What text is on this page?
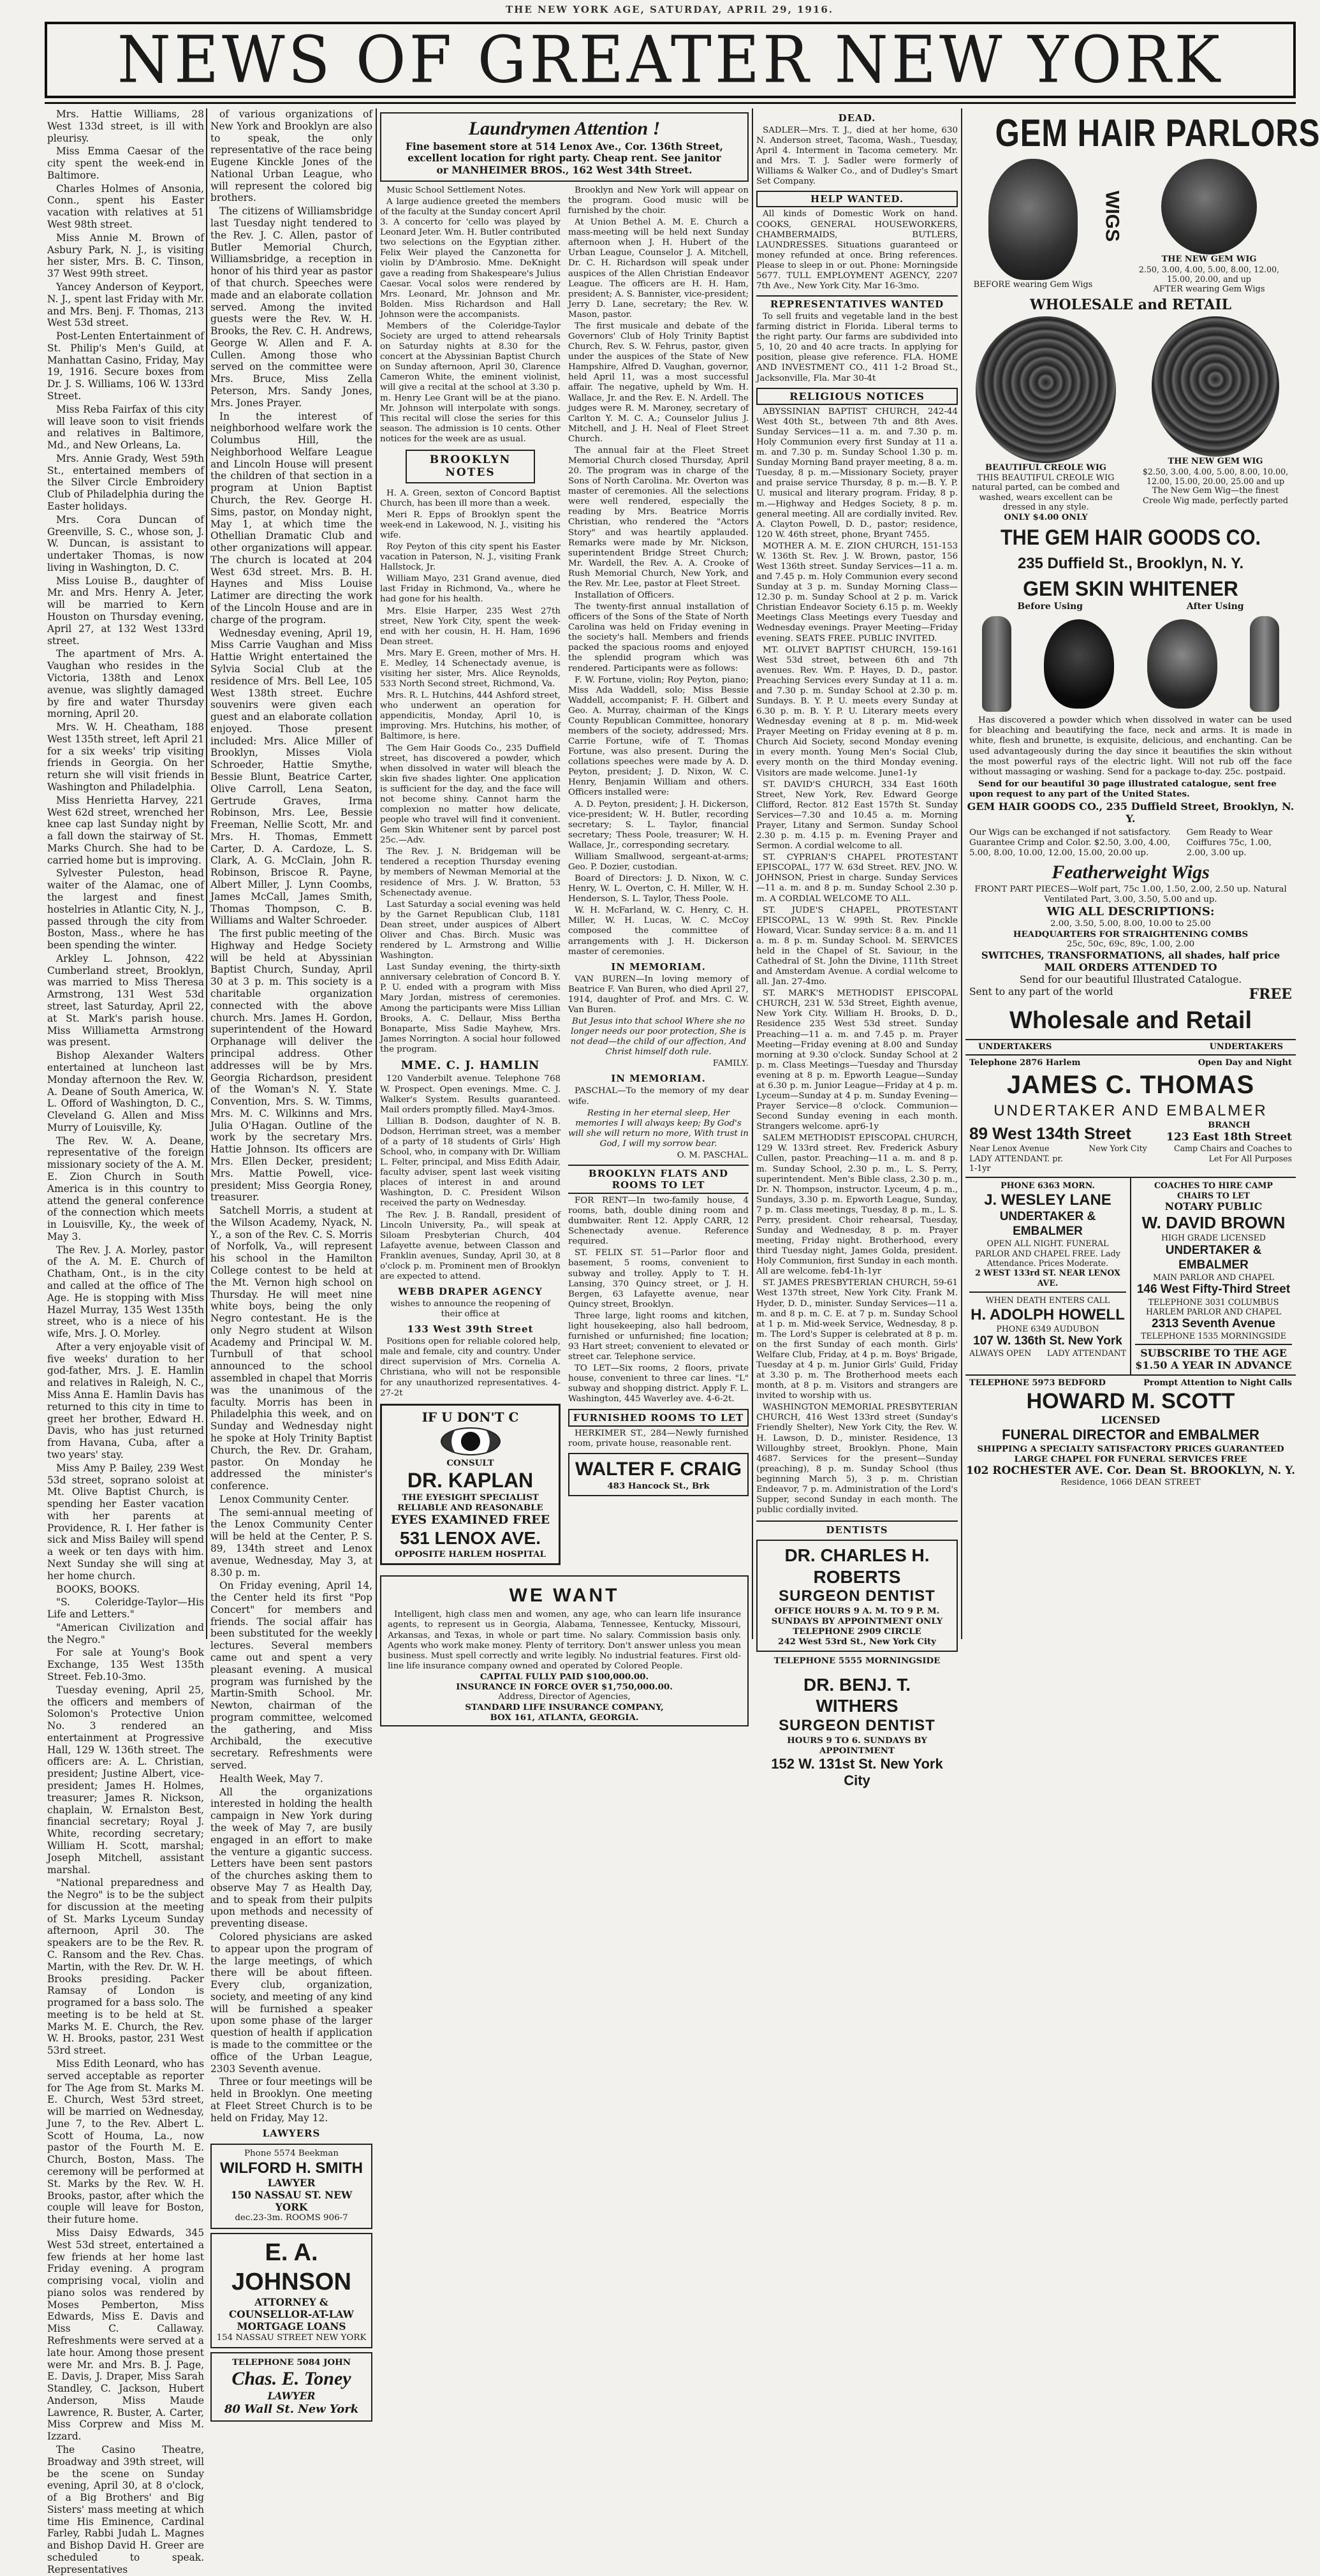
THE NEW YORK AGE, SATURDAY, APRIL 29, 1916.
NEWS OF GREATER NEW YORK

Mrs. Hattie Williams, 28 West 133d street, is ill with pleurisy.

Miss Emma Caesar of the city spent the week-end in Baltimore.

Charles Holmes of Ansonia, Conn., spent his Easter vacation with relatives at 51 West 98th street.

Miss Annie M. Brown of Asbury Park, N. J., is visiting her sister, Mrs. B. C. Tinson, 37 West 99th street.

Yancey Anderson of Keyport, N. J., spent last Friday with Mr. and Mrs. Benj. F. Thomas, 213 West 53d street.

Post-Lenten Entertainment of St. Philip's Men's Guild, at Manhattan Casino, Friday, May 19, 1916. Secure boxes from Dr. J. S. Williams, 106 W. 133rd Street.

Miss Reba Fairfax of this city will leave soon to visit friends and relatives in Baltimore, Md., and New Orleans, La.

Mrs. Annie Grady, West 59th St., entertained members of the Silver Circle Embroidery Club of Philadelphia during the Easter holidays.

Mrs. Cora Duncan of Greenville, S. C., whose son, J. W. Duncan, is assistant to undertaker Thomas, is now living in Washington, D. C.

Miss Louise B., daughter of Mr. and Mrs. Henry A. Jeter, will be married to Kern Houston on Thursday evening, April 27, at 132 West 133rd street.

The apartment of Mrs. A. Vaughan who resides in the Victoria, 138th and Lenox avenue, was slightly damaged by fire and water Thursday morning, April 20.

Mrs. W. H. Cheatham, 188 West 135th street, left April 21 for a six weeks' trip visiting friends in Georgia. On her return she will visit friends in Washington and Philadelphia.

Miss Henrietta Harvey, 221 West 62d street, wrenched her knee cap last Sunday night by a fall down the stairway of St. Marks Church. She had to be carried home but is improving.

Sylvester Puleston, head waiter of the Alamac, one of the largest and finest hostelries in Atlantic City, N. J., passed through the city from Boston, Mass., where he has been spending the winter.

Arkley L. Johnson, 422 Cumberland street, Brooklyn, was married to Miss Theresa Armstrong, 131 West 53d street, last Saturday, April 22, at St. Mark's parish house. Miss Williametta Armstrong was present.

Bishop Alexander Walters entertained at luncheon last Monday afternoon the Rev. W. A. Deane of South America, W. L. Offord of Washington, D. C., Cleveland G. Allen and Miss Murry of Louisville, Ky.

The Rev. W. A. Deane, representative of the foreign missionary society of the A. M. E. Zion Church in South America is in this country to attend the general conference of the connection which meets in Louisville, Ky., the week of May 3.

The Rev. J. A. Morley, pastor of the A. M. E. Church of Chatham, Ont., is in the city and called at the office of The Age. He is stopping with Miss Hazel Murray, 135 West 135th street, who is a niece of his wife, Mrs. J. O. Morley.

After a very enjoyable visit of five weeks' duration to her god-father, Mrs. J. E. Hamlin and relatives in Raleigh, N. C., Miss Anna E. Hamlin Davis has returned to this city in time to greet her brother, Edward H. Davis, who has just returned from Havana, Cuba, after a two years' stay.

Miss Amy P. Bailey, 239 West 53d street, soprano soloist at Mt. Olive Baptist Church, is spending her Easter vacation with her parents at Providence, R. I. Her father is sick and Miss Bailey will spend a week or ten days with him. Next Sunday she will sing at her home church.

BOOKS, BOOKS.

"S. Coleridge-Taylor—His Life and Letters."

"American Civilization and the Negro."

For sale at Young's Book Exchange, 135 West 135th Street. Feb.10-3mo.

Tuesday evening, April 25, the officers and members of Solomon's Protective Union No. 3 rendered an entertainment at Progressive Hall, 129 W. 136th street. The officers are: A. L. Christian, president; Justine Albert, vice-president; James H. Holmes, treasurer; James R. Nickson, chaplain, W. Ernalston Best, financial secretary; Royal J. White, recording secretary; William H. Scott, marshal; Joseph Mitchell, assistant marshal.

"National preparedness and the Negro" is to be the subject for discussion at the meeting of St. Marks Lyceum Sunday afternoon, April 30. The speakers are to be the Rev. R. C. Ransom and the Rev. Chas. Martin, with the Rev. Dr. W. H. Brooks presiding. Packer Ramsay of London is programed for a bass solo. The meeting is to be held at St. Marks M. E. Church, the Rev. W. H. Brooks, pastor, 231 West 53rd street.

Miss Edith Leonard, who has served acceptable as reporter for The Age from St. Marks M. E. Church, West 53rd street, will be married on Wednesday, June 7, to the Rev. Albert L. Scott of Houma, La., now pastor of the Fourth M. E. Church, Boston, Mass. The ceremony will be performed at St. Marks by the Rev. W. H. Brooks, pastor, after which the couple will leave for Boston, their future home.

Miss Daisy Edwards, 345 West 53d street, entertained a few friends at her home last Friday evening. A program comprising vocal, violin and piano solos was rendered by Moses Pemberton, Miss Edwards, Miss E. Davis and Miss C. Callaway. Refreshments were served at a late hour. Among those present were Mr. and Mrs. B. J. Page, E. Davis, J. Draper, Miss Sarah Standley, C. Jackson, Hubert Anderson, Miss Maude Lawrence, R. Buster, A. Carter, Miss Corprew and Miss M. Izzard.

The Casino Theatre, Broadway and 39th street, will be the scene on Sunday evening, April 30, at 8 o'clock, of a Big Brothers' and Big Sisters' mass meeting at which time His Eminence, Cardinal Farley, Rabbi Judah L. Magnes and Bishop David H. Greer are scheduled to speak. Representatives

of various organizations of New York and Brooklyn are also to speak, the only representative of the race being Eugene Kinckle Jones of the National Urban League, who will represent the colored big brothers.

The citizens of Williamsbridge last Tuesday night tendered to the Rev. J. C. Allen, pastor of Butler Memorial Church, Williamsbridge, a reception in honor of his third year as pastor of that church. Speeches were made and an elaborate collation served. Among the invited guests were the Rev. W. H. Brooks, the Rev. C. H. Andrews, George W. Allen and F. A. Cullen. Among those who served on the committee were Mrs. Bruce, Miss Zella Peterson, Mrs. Sandy Jones, Mrs. Jones Prayer.

In the interest of neighborhood welfare work the Columbus Hill, the Neighborhood Welfare League and Lincoln House will present the children of that section in a program at Union Baptist Church, the Rev. George H. Sims, pastor, on Monday night, May 1, at which time the Othellian Dramatic Club and other organizations will appear. The church is located at 204 West 63d street. Mrs. B. H. Haynes and Miss Louise Latimer are directing the work of the Lincoln House and are in charge of the program.

Wednesday evening, April 19, Miss Carrie Vaughan and Miss Hattie Wright entertained the Sylvia Social Club at the residence of Mrs. Bell Lee, 105 West 138th street. Euchre souvenirs were given each guest and an elaborate collation enjoyed. Those present included: Mrs. Alice Miller of Brooklyn, Misses Viola Schroeder, Hattie Smythe, Bessie Blunt, Beatrice Carter, Olive Carroll, Lena Seaton, Gertrude Graves, Irma Robinson, Mrs. Lee, Bessie Freeman, Nellie Scott, Mr. and Mrs. H. Thomas, Emmett Carter, D. A. Cardoze, L. S. Clark, A. G. McClain, John R. Robinson, Briscoe R. Payne, Albert Miller, J. Lynn Coombs, James McCall, James Smith, Thomas Thompson, C. B. Williams and Walter Schroeder.

The first public meeting of the Highway and Hedge Society will be held at Abyssinian Baptist Church, Sunday, April 30 at 3 p. m. This society is a charitable organization connected with the above church. Mrs. James H. Gordon, superintendent of the Howard Orphanage will deliver the principal address. Other addresses will be by Mrs. Georgia Richardson, president of the Woman's N. Y. State Convention, Mrs. S. W. Timms, Mrs. M. C. Wilkinns and Mrs. Julia O'Hagan. Outline of the work by the secretary Mrs. Hattie Johnson. Its officers are Mrs. Ellen Decker, president; Mrs. Mattie Powell, vice-president; Miss Georgia Roney, treasurer.

Satchell Morris, a student at the Wilson Academy, Nyack, N. Y., a son of the Rev. C. S. Morris of Norfolk, Va., will represent his school in the Hamilton College contest to be held at the Mt. Vernon high school on Thursday. He will meet nine white boys, being the only Negro contestant. He is the only Negro student at Wilson Academy and Principal W. M. Turnbull of that school announced to the school assembled in chapel that Morris was the unanimous of the faculty. Morris has been in Philadelphia this week, and on Sunday and Wednesday night he spoke at Holy Trinity Baptist Church, the Rev. Dr. Graham, pastor. On Monday he addressed the minister's conference.

Lenox Community Center.

The semi-annual meeting of the Lenox Community Center will be held at the Center, P. S. 89, 134th street and Lenox avenue, Wednesday, May 3, at 8.30 p. m.

On Friday evening, April 14, the Center held its first "Pop Concert" for members and friends. The social affair has been substituted for the weekly lectures. Several members came out and spent a very pleasant evening. A musical program was furnished by the Martin-Smith School. Mr. Newton, chairman of the program committee, welcomed the gathering, and Miss Archibald, the executive secretary. Refreshments were served.

Health Week, May 7.

All the organizations interested in holding the health campaign in New York during the week of May 7, are busily engaged in an effort to make the venture a gigantic success. Letters have been sent pastors of the churches asking them to observe May 7 as Health Day, and to speak from their pulpits upon methods and necessity of preventing disease.

Colored physicians are asked to appear upon the program of the large meetings, of which there will be about fifteen. Every club, organization, society, and meeting of any kind will be furnished a speaker upon some phase of the larger question of health if application is made to the committee or the office of the Urban League, 2303 Seventh avenue.

Three or four meetings will be held in Brooklyn. One meeting at Fleet Street Church is to be held on Friday, May 12.

LAWYERS
Phone 5574 Beekman
WILFORD H. SMITH
LAWYER
150 NASSAU ST. NEW YORK
dec.23-3m. ROOMS 906-7
E. A. JOHNSON
ATTORNEY & COUNSELLOR-AT-LAW
MORTGAGE LOANS
154 NASSAU STREET NEW YORK
TELEPHONE 5084 JOHN
Chas. E. Toney
LAWYER
80 Wall St. New York
Laundrymen Attention !
Fine basement store at 514 Lenox Ave., Cor. 136th Street, excellent location for right party. Cheap rent. See janitor
or MANHEIMER BROS., 162 West 34th Street.

Music School Settlement Notes.

A large audience greeted the members of the faculty at the Sunday concert April 3. A concerto for 'cello was played by Leonard Jeter. Wm. H. Butler contributed two selections on the Egyptian zither. Felix Weir played the Canzonetta for violin by D'Ambrosio. Mme. DeKnight gave a reading from Shakespeare's Julius Caesar. Vocal solos were rendered by Mrs. Leonard, Mr. Johnson and Mr. Bolden. Miss Richardson and Hall Johnson were the accompanists.

Members of the Coleridge-Taylor Society are urged to attend rehearsals on Saturday nights at 8.30 for the concert at the Abyssinian Baptist Church on Sunday afternoon, April 30, Clarence Cameron White, the eminent violinist, will give a recital at the school at 3.30 p. m. Henry Lee Grant will be at the piano. Mr. Johnson will interpolate with songs. This recital will close the series for this season. The admission is 10 cents. Other notices for the week are as usual.

BROOKLYN NOTES

H. A. Green, sexton of Concord Baptist Church, has been ill more than a week.

Meri R. Epps of Brooklyn spent the week-end in Lakewood, N. J., visiting his wife.

Roy Peyton of this city spent his Easter vacation in Paterson, N. J., visiting Frank Hallstock, Jr.

William Mayo, 231 Grand avenue, died last Friday in Richmond, Va., where he had gone for his health.

Mrs. Elsie Harper, 235 West 27th street, New York City, spent the week-end with her cousin, H. H. Ham, 1696 Dean street.

Mrs. Mary E. Green, mother of Mrs. H. E. Medley, 14 Schenectady avenue, is visiting her sister, Mrs. Alice Reynolds, 533 North Second street, Richmond, Va.

Mrs. R. L. Hutchins, 444 Ashford street, who underwent an operation for appendicitis, Monday, April 10, is improving. Mrs. Hutchins, his mother, of Baltimore, is here.

The Gem Hair Goods Co., 235 Duffield street, has discovered a powder, which when dissolved in water will bleach the skin five shades lighter. One application is sufficient for the day, and the face will not become shiny. Cannot harm the complexion no matter how delicate, people who travel will find it convenient. Gem Skin Whitener sent by parcel post 25c.—Adv.

The Rev. J. N. Bridgeman will be tendered a reception Thursday evening by members of Newman Memorial at the residence of Mrs. J. W. Bratton, 53 Schenectady avenue.

Last Saturday a social evening was held by the Garnet Republican Club, 1181 Dean street, under auspices of Albert Oliver and Chas. Birch. Music was rendered by L. Armstrong and Willie Washington.

Last Sunday evening, the thirty-sixth anniversary celebration of Concord B. Y. P. U. ended with a program with Miss Mary Jordan, mistress of ceremonies. Among the participants were Miss Lillian Brooks, A. C. Dellaur, Miss Bertha Bonaparte, Miss Sadie Mayhew, Mrs. James Norrington. A social hour followed the program.

MME. C. J. HAMLIN

120 Vanderbilt avenue. Telephone 768 W. Prospect. Open evenings. Mme. C. J. Walker's System. Results guaranteed. Mail orders promptly filled. May4-3mos.

Lillian B. Dodson, daughter of N. B. Dodson, Herriman street, was a member of a party of 18 students of Girls' High School, who, in company with Dr. William L. Felter, principal, and Miss Edith Adair, faculty adviser, spent last week visiting places of interest in and around Washington, D. C. President Wilson received the party on Wednesday.

The Rev. J. B. Randall, president of Lincoln University, Pa., will speak at Siloam Presbyterian Church, 404 Lafayette avenue, between Classon and Franklin avenues, Sunday, April 30, at 8 o'clock p. m. Prominent men of Brooklyn are expected to attend.

WEBB DRAPER AGENCY

wishes to announce the reopening of their office at

133 West 39th Street

Positions open for reliable colored help, male and female, city and country. Under direct supervision of Mrs. Cornelia A. Christiana, who will not be responsible for any unauthorized representatives. 4-27-2t

IF U DON'T C
CONSULT
DR. KAPLAN
THE EYESIGHT SPECIALIST
RELIABLE AND REASONABLE
EYES EXAMINED FREE
531 LENOX AVE.
OPPOSITE HARLEM HOSPITAL

Brooklyn and New York will appear on the program. Good music will be furnished by the choir.

At Union Bethel A. M. E. Church a mass-meeting will be held next Sunday afternoon when J. H. Hubert of the Urban League, Counselor J. A. Mitchell, Dr. C. H. Richardson will speak under auspices of the Allen Christian Endeavor League. The officers are H. H. Ham, president; A. S. Bannister, vice-president; Jerry D. Lane, secretary; the Rev. W. Mason, pastor.

The first musicale and debate of the Governors' Club of Holy Trinity Baptist Church, Rev. S. W. Fehrus, pastor, given under the auspices of the State of New Hampshire, Alfred D. Vaughan, governor, held April 11, was a most successful affair. The negative, upheld by Wm. H. Wallace, Jr. and the Rev. E. N. Ardell. The judges were R. M. Maroney, secretary of Carlton Y. M. C. A.; Counselor Julius J. Mitchell, and J. H. Neal of Fleet Street Church.

The annual fair at the Fleet Street Memorial Church closed Thursday, April 20. The program was in charge of the Sons of North Carolina. Mr. Overton was master of ceremonies. All the selections were well rendered, especially the reading by Mrs. Beatrice Morris Christian, who rendered the "Actors Story" and was heartily applauded. Remarks were made by Mr. Nickson, superintendent Bridge Street Church; Mr. Wardell, the Rev. A. A. Crooke of Rush Memorial Church, New York, and the Rev. Mr. Lee, pastor at Fleet Street.

Installation of Officers.

The twenty-first annual installation of officers of the Sons of the State of North Carolina was held on Friday evening in the society's hall. Members and friends packed the spacious rooms and enjoyed the splendid program which was rendered. Participants were as follows:

F. W. Fortune, violin; Roy Peyton, piano; Miss Ada Waddell, solo; Miss Bessie Waddell, accompanist; F. H. Gilbert and Geo. A. Murray, chairman of the Kings County Republican Committee, honorary members of the society, addressed; Mrs. Carrie Fortune, wife of T. Thomas Fortune, was also present. During the collations speeches were made by A. D. Peyton, president; J. D. Nixon, W. C. Henry, Benjamin William and others. Officers installed were:

A. D. Peyton, president; J. H. Dickerson, vice-president; W. H. Butler, recording secretary; S. L. Taylor, financial secretary; Thess Poole, treasurer; W. H. Wallace, Jr., corresponding secretary.

William Smallwood, sergeant-at-arms; Geo. P. Dozier, custodian.

Board of Directors: J. D. Nixon, W. C. Henry, W. L. Overton, C. H. Miller, W. H. Henderson, S. L. Taylor, Thess Poole.

W. H. McFarland, W. C. Henry, C. H. Miller, W. H. Lucas, W. C. McCoy composed the committee of arrangements with J. H. Dickerson master of ceremonies.

IN MEMORIAM.

VAN BUREN—In loving memory of Beatrice F. Van Buren, who died April 27, 1914, daughter of Prof. and Mrs. C. W. Van Buren.

But Jesus into that school Where she no longer needs our poor protection, She is not dead—the child of our affection, And Christ himself doth rule.

FAMILY.

IN MEMORIAM.

PASCHAL—To the memory of my dear wife.

Resting in her eternal sleep, Her memories I will always keep; By God's will she will return no more, With trust in God, I will my sorrow bear.

O. M. PASCHAL.

BROOKLYN FLATS AND ROOMS TO LET

FOR RENT—In two-family house, 4 rooms, bath, double dining room and dumbwaiter. Rent 12. Apply CARR, 12 Schenectady avenue. Reference required.

ST. FELIX ST. 51—Parlor floor and basement, 5 rooms, convenient to subway and trolley. Apply to T. H. Lansing, 370 Quincy street, or J. H. Bergen, 63 Lafayette avenue, near Quincy street, Brooklyn.

Three large, light rooms and kitchen, light housekeeping, also hall bedroom, furnished or unfurnished; fine location; 93 Hart street; convenient to elevated or street car. Telephone service.

TO LET—Six rooms, 2 floors, private house, convenient to three car lines. "L" subway and shopping district. Apply F. L. Washington, 445 Waverley ave. 4-6-2t.

FURNISHED ROOMS TO LET

HERKIMER ST., 284—Newly furnished room, private house, reasonable rent.

WALTER F. CRAIG
483 Hancock St., Brk
WE WANT

Intelligent, high class men and women, any age, who can learn life insurance agents, to represent us in Georgia, Alabama, Tennessee, Kentucky, Missouri, Arkansas, and Texas, in whole or part time. No salary. Commission basis only. Agents who work make money. Plenty of territory. Don't answer unless you mean business. Must spell correctly and write legibly. No industrial features. First old-line life insurance company owned and operated by Colored People.

CAPITAL FULLY PAID $100,000.00.
INSURANCE IN FORCE OVER $1,750,000.00.
Address, Director of Agencies,
STANDARD LIFE INSURANCE COMPANY,
BOX 161, ATLANTA, GEORGIA.
DEAD.

SADLER—Mrs. T. J., died at her home, 630 N. Anderson street, Tacoma, Wash., Tuesday, April 4. Interment in Tacoma cemetery. Mr. and Mrs. T. J. Sadler were formerly of Williams & Walker Co., and of Dudley's Smart Set Company.

HELP WANTED.

All kinds of Domestic Work on hand. COOKS, GENERAL HOUSEWORKERS, CHAMBERMAIDS, BUTLERS, LAUNDRESSES. Situations guaranteed or money refunded at once. Bring references. Please to sleep in or out. Phone: Morningside 5677. TULL EMPLOYMENT AGENCY, 2207 7th Ave., New York City. Mar 16-3mo.

REPRESENTATIVES WANTED

To sell fruits and vegetable land in the best farming district in Florida. Liberal terms to the right party. Our farms are subdivided into 5, 10, 20 and 40 acre tracts. In applying for position, please give reference. FLA. HOME AND INVESTMENT CO., 411 1-2 Broad St., Jacksonville, Fla. Mar 30-4t

RELIGIOUS NOTICES

ABYSSINIAN BAPTIST CHURCH, 242-44 West 40th St., between 7th and 8th Aves. Sunday Services—11 a. m. and 7.30 p. m. Holy Communion every first Sunday at 11 a. m. and 7.30 p. m. Sunday School 1.30 p. m. Sunday Morning Band prayer meeting, 8 a. m. Tuesday, 8 p. m.—Missionary Society, prayer and praise service Thursday, 8 p. m.—B. Y. P. U. musical and literary program. Friday, 8 p. m.—Highway and Hedges Society, 8 p. m. general meeting. All are cordially invited. Rev. A. Clayton Powell, D. D., pastor; residence, 120 W. 46th street, phone, Bryant 7455.

MOTHER A. M. E. ZION CHURCH, 151-153 W. 136th St. Rev. J. W. Brown, pastor, 156 West 136th street. Sunday Services—11 a. m. and 7.45 p. m. Holy Communion every second Sunday at 3 p. m. Sunday Morning Class—12.30 p. m. Sunday School at 2 p. m. Varick Christian Endeavor Society 6.15 p. m. Weekly Meetings Class Meetings every Tuesday and Wednesday evenings. Prayer Meeting—Friday evening. SEATS FREE. PUBLIC INVITED.

MT. OLIVET BAPTIST CHURCH, 159-161 West 53d street, between 6th and 7th avenues. Rev. Wm. P. Hayes, D. D., pastor. Preaching Services every Sunday at 11 a. m. and 7.30 p. m. Sunday School at 2.30 p. m. Sundays. B. Y. P. U. meets every Sunday at 6.30 p. m. B. Y. P. U. Literary meets every Wednesday evening at 8 p. m. Mid-week Prayer Meeting on Friday evening at 8 p. m. Church Aid Society, second Monday evening in every month. Young Men's Social Club, every month on the third Monday evening. Visitors are made welcome. June1-1y

ST. DAVID'S CHURCH, 334 East 160th Street, New York, Rev. Edward George Clifford, Rector. 812 East 157th St. Sunday Services—7.30 and 10.45 a. m. Morning Prayer, Litany and Sermon. Sunday School 2.30 p. m. 4.15 p. m. Evening Prayer and Sermon. A cordial welcome to all.

ST. CYPRIAN'S CHAPEL PROTESTANT EPISCOPAL, 177 W. 63d Street. REV. JNO. W. JOHNSON, Priest in charge. Sunday Services—11 a. m. and 8 p. m. Sunday School 2.30 p. m. A CORDIAL WELCOME TO ALL.

ST. JUDE'S CHAPEL, PROTESTANT EPISCOPAL, 13 W. 99th St. Rev. Pinckle Howard, Vicar. Sunday service: 8 a. m. and 11 a. m. 8 p. m. Sunday School. M. SERVICES held in the Chapel of St. Saviour, in the Cathedral of St. John the Divine, 111th Street and Amsterdam Avenue. A cordial welcome to all. Jan. 27-4mo.

ST. MARK'S METHODIST EPISCOPAL CHURCH, 231 W. 53d Street, Eighth avenue, New York City. William H. Brooks, D. D., Residence 235 West 53d street. Sunday Preaching—11 a. m. and 7.45 p. m. Prayer Meeting—Friday evening at 8.00 and Sunday morning at 9.30 o'clock. Sunday School at 2 p. m. Class Meetings—Tuesday and Thursday evening at 8 p. m. Epworth League—Sunday at 6.30 p. m. Junior League—Friday at 4 p. m. Lyceum—Sunday at 4 p. m. Sunday Evening—Prayer Service—8 o'clock. Communion—Second Sunday evening in each month. Strangers welcome. apr6-1y

SALEM METHODIST EPISCOPAL CHURCH, 129 W. 133rd street. Rev. Frederick Asbury Cullen, pastor. Preaching—11 a. m. and 8 p. m. Sunday School, 2.30 p. m., L. S. Perry, superintendent. Men's Bible class, 2.30 p. m., Dr. N. Thompson, instructor. Lyceum, 4 p. m., Sundays, 3.30 p. m. Epworth League, Sunday, 7 p. m. Class meetings, Tuesday, 8 p. m., L. S. Perry, president. Choir rehearsal, Tuesday, Sunday and Wednesday, 8 p. m. Prayer meeting, Friday night. Brotherhood, every third Tuesday night, James Golda, president. Holy Communion, first Sunday in each month. All are welcome. feb4-1h-1yr

ST. JAMES PRESBYTERIAN CHURCH, 59-61 West 137th street, New York City. Frank M. Hyder, D. D., minister. Sunday Services—11 a. m. and 8 p. m. C. E. at 7 p. m. Sunday School at 1 p. m. Mid-week Service, Wednesday, 8 p. m. The Lord's Supper is celebrated at 8 p. m. on the first Sunday of each month. Girls' Welfare Club, Friday, at 4 p. m. Boys' Brigade, Tuesday at 4 p. m. Junior Girls' Guild, Friday at 3.30 p. m. The Brotherhood meets each month, at 8 p. m. Visitors and strangers are invited to worship with us.

WASHINGTON MEMORIAL PRESBYTERIAN CHURCH, 416 West 133rd street (Sunday's Friendly Shelter), New York City, the Rev. W. H. Lawson, D. D., minister. Residence, 13 Willoughby street, Brooklyn. Phone, Main 4687. Services for the present—Sunday (preaching), 8 p. m. Sunday School (thus beginning March 5), 3 p. m. Christian Endeavor, 7 p. m. Administration of the Lord's Supper, second Sunday in each month. The public cordially invited.

DENTISTS
DR. CHARLES H. ROBERTS
SURGEON DENTIST
OFFICE HOURS 9 A. M. TO 9 P. M. SUNDAYS BY APPOINTMENT ONLY
TELEPHONE 2909 CIRCLE
242 West 53rd St., New York City
TELEPHONE 5555 MORNINGSIDE
DR. BENJ. T. WITHERS
SURGEON DENTIST
HOURS 9 TO 6. SUNDAYS BY APPOINTMENT
152 W. 131st St. New York City
GEM HAIR PARLORS
BEFORE wearing Gem Wigs
WIGS
THE NEW GEM WIG
2.50, 3.00, 4.00, 5.00, 8.00, 12.00, 15.00, 20.00, and up
AFTER wearing Gem Wigs
WHOLESALE and RETAIL
BEAUTIFUL CREOLE WIG
THIS BEAUTIFUL CREOLE WIG natural parted, can be combed and washed, wears excellent can be dressed in any style.
ONLY $4.00 ONLY
THE NEW GEM WIG
$2.50, 3.00, 4.00, 5.00, 8.00, 10.00, 12.00, 15.00, 20.00, 25.00 and up
The New Gem Wig—the finest Creole Wig made, perfectly parted
THE GEM HAIR GOODS CO.
235 Duffield St., Brooklyn, N. Y.
GEM SKIN WHITENER
Before Using	After Using

Has discovered a powder which when dissolved in water can be used for bleaching and beautifying the face, neck and arms. It is made in white, flesh and brunette, is exquisite, delicious, and enchanting. Can be used advantageously during the day since it beautifies the skin without the most powerful rays of the electric light. Will not rub off the face without massaging or washing. Send for a package to-day. 25c. postpaid.

Send for our beautiful 30 page illustrated catalogue, sent free upon request to any part of the United States.

GEM HAIR GOODS CO., 235 Duffield Street, Brooklyn, N. Y.
Our Wigs can be exchanged if not satisfactory. Guarantee Crimp and Color. $2.50, 3.00, 4.00, 5.00, 8.00, 10.00, 12.00, 15.00, 20.00 up.
Gem Ready to Wear Coiffures 75c, 1.00, 2.00, 3.00 up.
Featherweight Wigs
FRONT PART PIECES—Wolf part, 75c 1.00, 1.50, 2.00, 2.50 up. Natural Ventilated Part, 3.00, 3.50, 5.00 and up.
WIG ALL DESCRIPTIONS:
2.00, 3.50, 5.00, 8.00, 10.00 to 25.00
HEADQUARTERS FOR STRAIGHTENING COMBS
25c, 50c, 69c, 89c, 1.00, 2.00
SWITCHES, TRANSFORMATIONS, all shades, half price
MAIL ORDERS ATTENDED TO
Send for our beautiful Illustrated Catalogue.
Sent to any part of the world	FREE
Wholesale and Retail
UNDERTAKERS	UNDERTAKERS
Telephone 2876 Harlem	Open Day and Night
JAMES C. THOMAS
UNDERTAKER AND EMBALMER
89 West 134th Street	BRANCH
123 East 18th Street
Near Lenox Avenue LADY ATTENDANT. pr. 1-1yr
New York City	Camp Chairs and Coaches to Let For All Purposes
PHONE 6363 MORN.
J. WESLEY LANE
UNDERTAKER & EMBALMER
OPEN ALL NIGHT. FUNERAL PARLOR AND CHAPEL FREE. Lady Attendance. Prices Moderate.
2 WEST 133rd ST. NEAR LENOX AVE.
WHEN DEATH ENTERS CALL
H. ADOLPH HOWELL
PHONE 6349 AUDUBON
107 W. 136th St. New York
ALWAYS OPEN LADY ATTENDANT
COACHES TO HIRE CAMP CHAIRS TO LET
NOTARY PUBLIC
W. DAVID BROWN
HIGH GRADE LICENSED
UNDERTAKER & EMBALMER
MAIN PARLOR AND CHAPEL
146 West Fifty-Third Street
TELEPHONE 3031 COLUMBUS
HARLEM PARLOR AND CHAPEL
2313 Seventh Avenue
TELEPHONE 1535 MORNINGSIDE
SUBSCRIBE TO THE AGE $1.50 A YEAR IN ADVANCE
TELEPHONE 5973 BEDFORD	Prompt Attention to Night Calls
HOWARD M. SCOTT
LICENSED
FUNERAL DIRECTOR and EMBALMER
SHIPPING A SPECIALTY SATISFACTORY PRICES GUARANTEED
LARGE CHAPEL FOR FUNERAL SERVICES FREE
102 ROCHESTER AVE. Cor. Dean St. BROOKLYN, N. Y.
Residence, 1066 DEAN STREET
